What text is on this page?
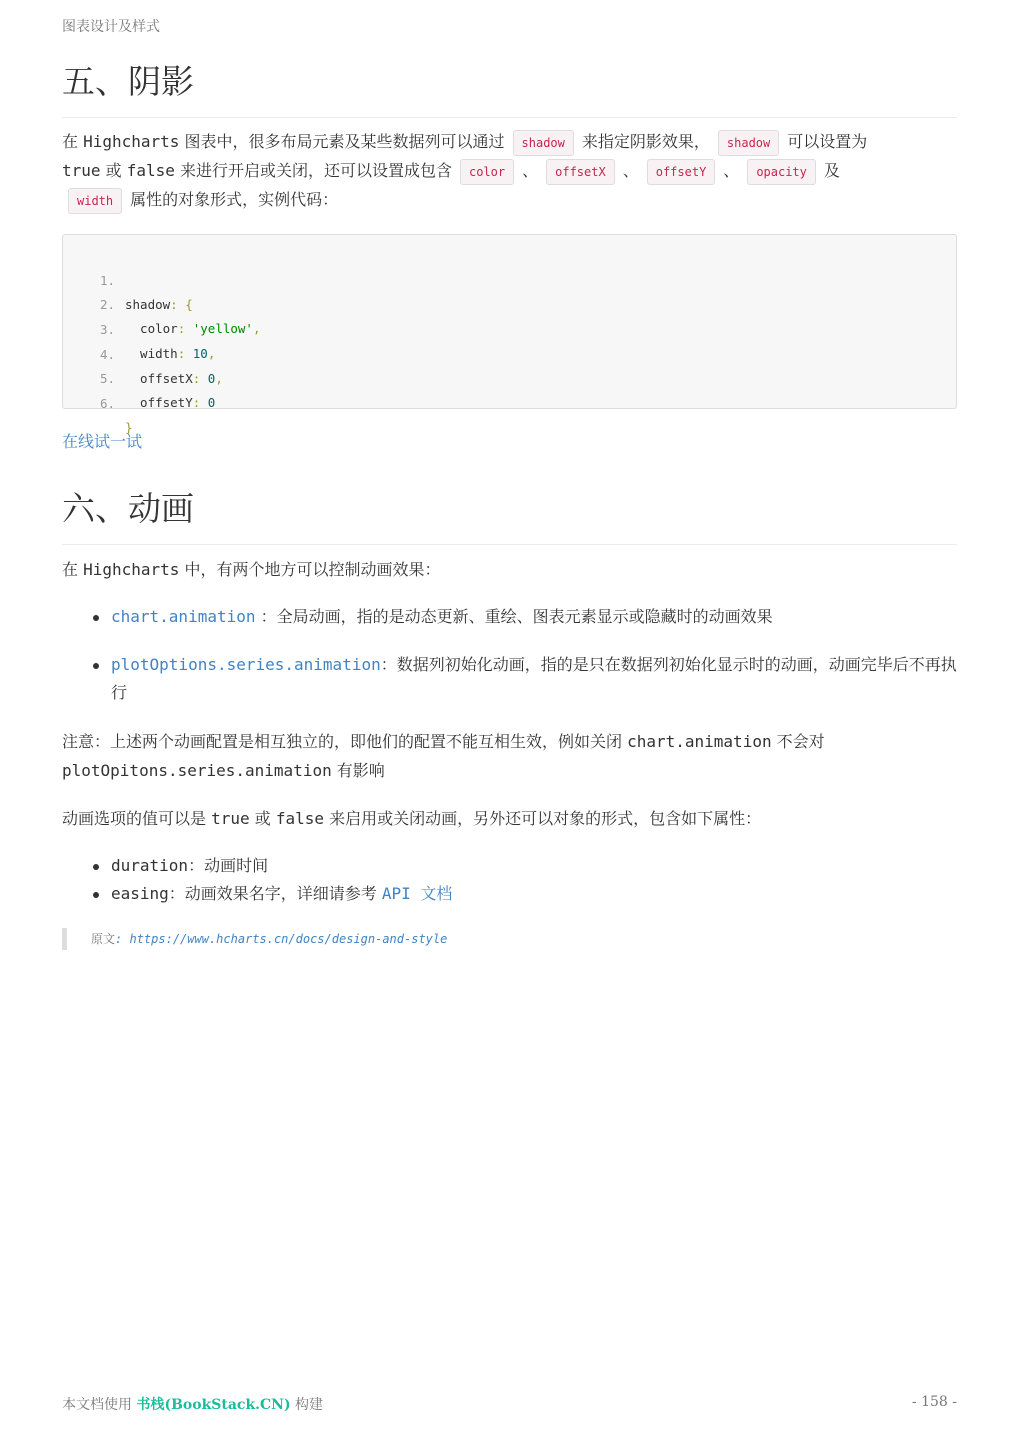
图表设计及样式
五、阴影

在 Highcharts 图表中，很多布局元素及某些数据列可以通过 shadow 来指定阴影效果， shadow 可以设置为
true 或 false 来进行开启或关闭，还可以设置成包含 color 、 offsetX 、 offsetY 、 opacity 及
width 属性的对象形式，实例代码：

1.

shadow: {

2.

color: 'yellow',

3.

width: 10,

4.

offsetX: 0,

5.

offsetY: 0

6.

}

在线试一试
六、动画

在 Highcharts 中，有两个地方可以控制动画效果：

chart.animation ：全局动画，指的是动态更新、重绘、图表元素显示或隐藏时的动画效果
plotOptions.series.animation：数据列初始化动画，指的是只在数据列初始化显示时的动画，动画完毕后不再执行

注意：上述两个动画配置是相互独立的，即他们的配置不能互相生效，例如关闭 chart.animation 不会对
plotOpitons.series.animation 有影响

动画选项的值可以是 true 或 false 来启用或关闭动画，另外还可以对象的形式，包含如下属性：

duration：动画时间
easing：动画效果名字，详细请参考 API 文档
原文: https://www.hcharts.cn/docs/design-and-style
本文档使用 书栈(BookStack.CN) 构建	- 158 -
